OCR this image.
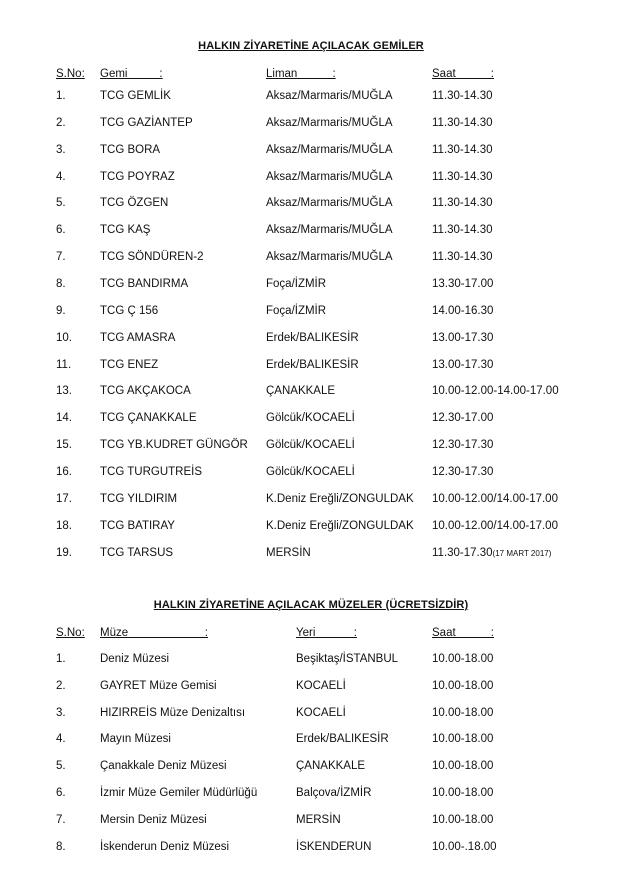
HALKIN ZİYARETİNE AÇILACAK GEMİLER
S.No: Gemi          :	Liman           :	Saat           :
1.	TCG GEMLİK	Aksaz/Marmaris/MUĞLA	11.30-14.30
2.	TCG GAZİANTEP	Aksaz/Marmaris/MUĞLA	11.30-14.30
3.	TCG BORA	Aksaz/Marmaris/MUĞLA	11.30-14.30
4.	TCG POYRAZ	Aksaz/Marmaris/MUĞLA	11.30-14.30
5.	TCG ÖZGEN	Aksaz/Marmaris/MUĞLA	11.30-14.30
6.	TCG KAŞ	Aksaz/Marmaris/MUĞLA	11.30-14.30
7.	TCG SÖNDÜREN-2	Aksaz/Marmaris/MUĞLA	11.30-14.30
8.	TCG BANDIRMA	Foça/İZMİR	13.30-17.00
9.	TCG Ç 156	Foça/İZMİR	14.00-16.30
10. TCG AMASRA	Erdek/BALIKESİR	13.00-17.30
11.	TCG ENEZ	Erdek/BALIKESİR	13.00-17.30
13. TCG AKÇAKOCA	ÇANAKKALE	10.00-12.00-14.00-17.00
14. TCG ÇANAKKALE	Gölcük/KOCAELİ	12.30-17.00
15. TCG YB.KUDRET GÜNGÖR Gölcük/KOCAELİ	12.30-17.30
16. TCG TURGUTREİS	Gölcük/KOCAELİ	12.30-17.30
17. TCG YILDIRIM	K.Deniz Ereğli/ZONGULDAK 10.00-12.00/14.00-17.00
18. TCG BATIRAY	K.Deniz Ereğli/ZONGULDAK 10.00-12.00/14.00-17.00
19. TCG TARSUS	MERSİN	11.30-17.30(17 MART 2017)
HALKIN ZİYARETİNE AÇILACAK MÜZELER (ÜCRETSİZDİR)
S.No: Müze                        :	Yeri            :	Saat           :
1.	Deniz Müzesi	Beşiktaş/İSTANBUL	10.00-18.00
2.	GAYRET Müze Gemisi	KOCAELİ	10.00-18.00
3.	HIZIRREİS Müze Denizaltısı	KOCAELİ	10.00-18.00
4.	Mayın Müzesi	Erdek/BALIKESİR	10.00-18.00
5.	Çanakkale Deniz Müzesi	ÇANAKKALE	10.00-18.00
6.	İzmir Müze Gemiler Müdürlüğü	Balçova/İZMİR	10.00-18.00
7.	Mersin Deniz Müzesi	MERSİN	10.00-18.00
8.	İskenderun Deniz Müzesi	İSKENDERUN	10.00-.18.00
